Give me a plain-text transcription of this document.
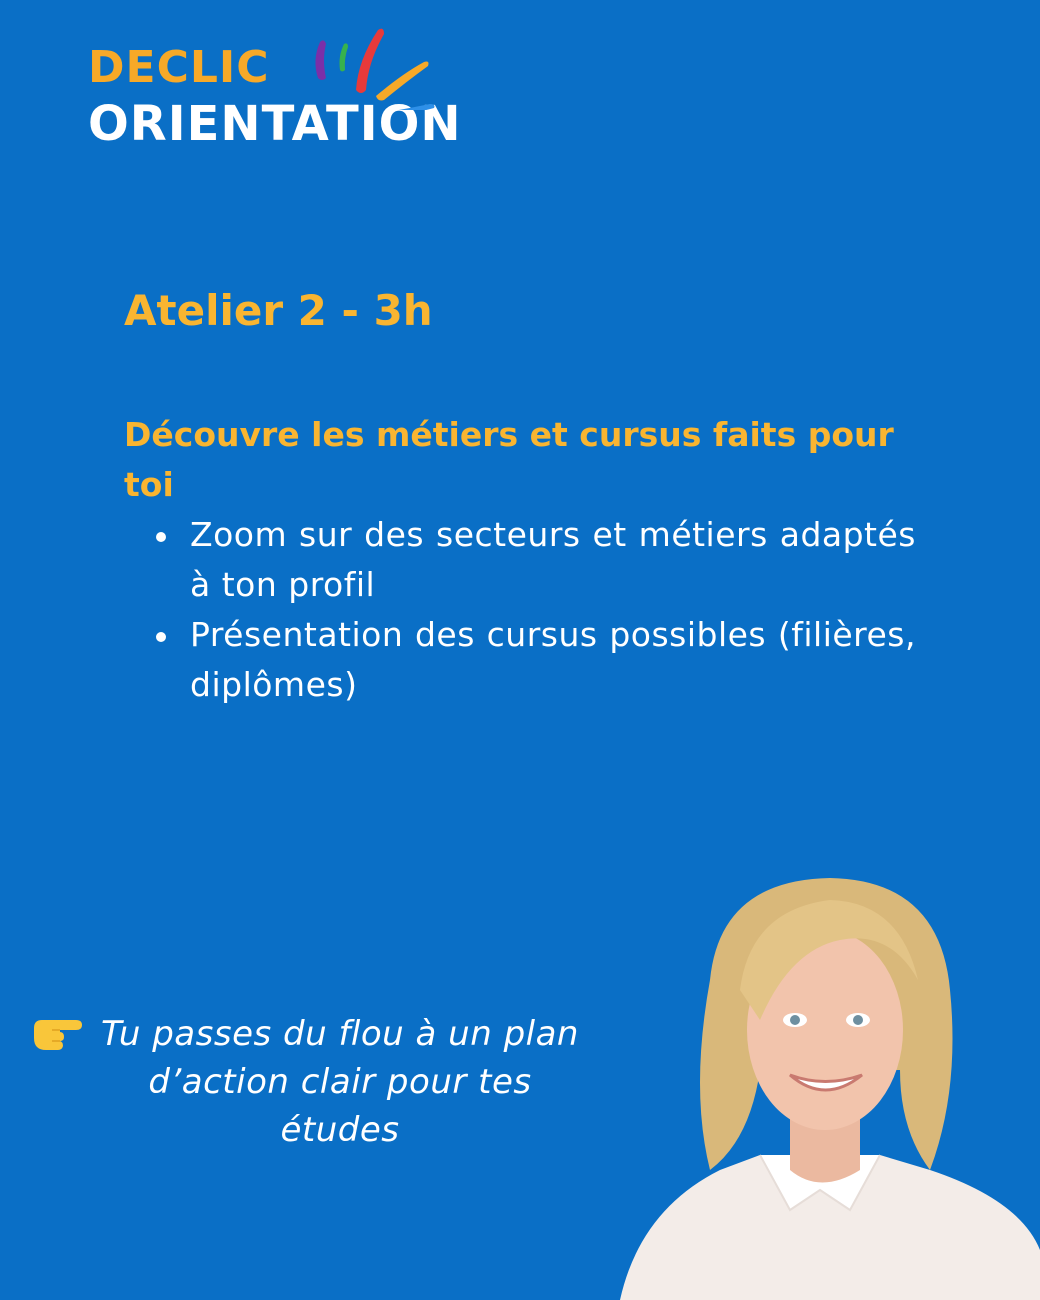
DECLIC
ORIENTATION
Atelier 2 - 3h

Découvre les métiers et cursus faits pour toi

Zoom sur des secteurs et métiers adaptés à ton profil
Présentation des cursus possibles (filières, diplômes)

Tu passes du flou à un plan d’action clair pour tes études
